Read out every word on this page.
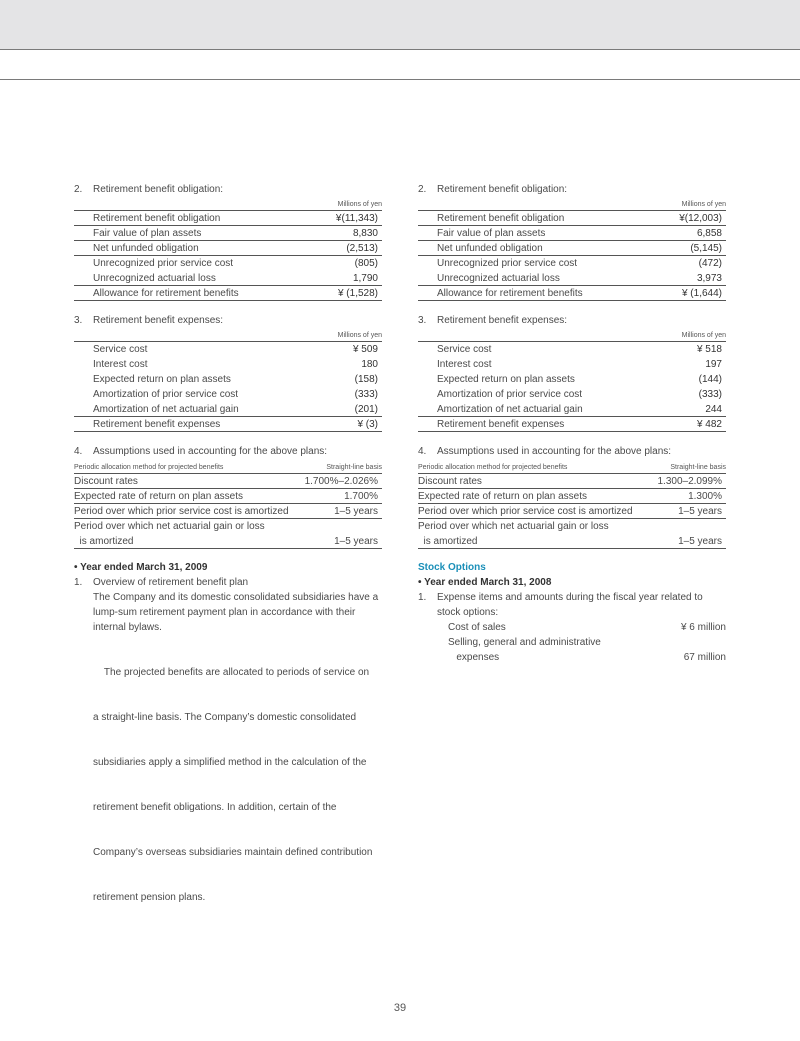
2.	Retirement benefit obligation:
Millions of yen
Retirement benefit obligation	¥(11,343)
Fair value of plan assets	8,830
Net unfunded obligation	(2,513)
Unrecognized prior service cost	(805)
Unrecognized actuarial loss	1,790
Allowance for retirement benefits	¥ (1,528)
3.	Retirement benefit expenses:
Millions of yen
Service cost	¥ 509
Interest cost	180
Expected return on plan assets	(158)
Amortization of prior service cost	(333)
Amortization of net actuarial gain	(201)
Retirement benefit expenses	¥ (3)
4.	Assumptions used in accounting for the above plans:
Periodic allocation method for projected benefits	Straight-line basis
Discount rates	1.700%–2.026%
Expected rate of return on plan assets	1.700%
Period over which prior service cost is amortized	1–5 years
Period over which net actuarial gain or loss
is amortized	1–5 years
• Year ended March 31, 2009
1.	Overview of retirement benefit plan
The Company and its domestic consolidated subsidiaries have a
lump-sum retirement payment plan in accordance with their
internal bylaws.

The projected benefits are allocated to periods of service on

a straight-line basis. The Company’s domestic consolidated

subsidiaries apply a simplified method in the calculation of the

retirement benefit obligations. In addition, certain of the

Company’s overseas subsidiaries maintain defined contribution

retirement pension plans.

2.	Retirement benefit obligation:
Millions of yen
Retirement benefit obligation	¥(12,003)
Fair value of plan assets	6,858
Net unfunded obligation	(5,145)
Unrecognized prior service cost	(472)
Unrecognized actuarial loss	3,973
Allowance for retirement benefits	¥ (1,644)
3.	Retirement benefit expenses:
Millions of yen
Service cost	¥ 518
Interest cost	197
Expected return on plan assets	(144)
Amortization of prior service cost	(333)
Amortization of net actuarial gain	244
Retirement benefit expenses	¥ 482
4.	Assumptions used in accounting for the above plans:
Periodic allocation method for projected benefits	Straight-line basis
Discount rates	1.300–2.099%
Expected rate of return on plan assets	1.300%
Period over which prior service cost is amortized	1–5 years
Period over which net actuarial gain or loss
is amortized	1–5 years
Stock Options
• Year ended March 31, 2008
1.	Expense items and amounts during the fiscal year related to
stock options:
Cost of sales	¥ 6 million
Selling, general and administrative
expenses	67 million
39
